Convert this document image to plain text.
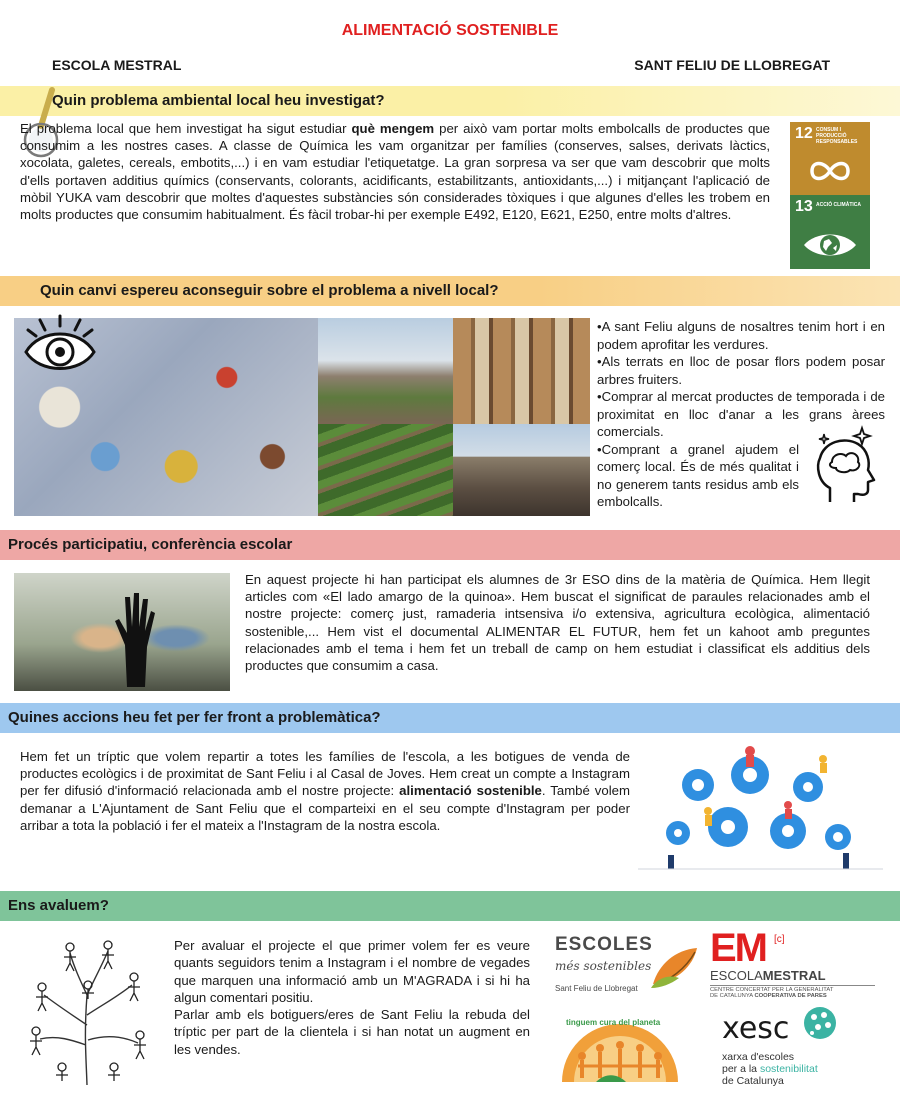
ALIMENTACIÓ SOSTENIBLE
ESCOLA MESTRAL	SANT FELIU DE LLOBREGAT
Quin problema ambiental local heu investigat?
El problema local que hem investigat ha sigut estudiar què mengem per això vam portar molts embolcalls de productes que consumim a les nostres cases. A classe de Química les vam organitzar per famílies (conserves, salses, derivats làctics, xocolata, galetes, cereals, embotits,...) i en vam estudiar l'etiquetatge. La gran sorpresa va ser que vam descobrir que molts d'ells portaven additius químics (conservants, colorants, acidificants, estabilitzants, antioxidants,...) i mitjançant l'aplicació de mòbil YUKA vam descobrir que moltes d'aquestes substàncies són considerades tòxiques i que algunes d'elles les trobem en molts productes que consumim habitualment. És fàcil trobar-hi per exemple E492, E120, E621, E250, entre molts d'altres.
12 CONSUM I PRODUCCIÓ RESPONSABLES
13 ACCIÓ CLIMÀTICA
Quin canvi espereu aconseguir sobre el problema a nivell local?
•A sant Feliu alguns de nosaltres tenim hort i en podem aprofitar les verdures.
•Als terrats en lloc de posar flors podem posar arbres fruiters.
•Comprar al mercat productes de temporada i de proximitat en lloc d'anar a les grans àrees comercials.
•Comprant a granel ajudem el comerç local. És de més qualitat i no generem tants residus amb els embolcalls.
Procés participatiu, conferència escolar
En aquest projecte hi han participat els alumnes de 3r ESO dins de la matèria de Química. Hem llegit articles com «El lado amargo de la quinoa». Hem buscat el significat de paraules relacionades amb el nostre projecte: comerç just, ramaderia intsensiva i/o extensiva, agricultura ecològica, alimentació sostenible,... Hem vist el documental ALIMENTAR EL FUTUR, hem fet un kahoot amb preguntes relacionades amb el tema i hem fet un treball de camp on hem estudiat i classificat els additius dels productes que consumim a casa.
Quines accions heu fet per fer front a problemàtica?
Hem fet un tríptic que volem repartir a totes les famílies de l'escola, a les botigues de venda de productes ecològics i de proximitat de Sant Feliu i al Casal de Joves. Hem creat un compte a Instagram per fer difusió d'informació relacionada amb el nostre projecte: alimentació sostenible. També volem demanar a L'Ajuntament de Sant Feliu que el comparteixi en el seu compte d'Instagram per poder arribar a tota la població i fer el mateix a l'Instagram de la nostra escola.
Ens avaluem?
Per avaluar el projecte el que primer volem fer es veure quants seguidors tenim a Instagram i el nombre de vegades que marquen una informació amb un M'AGRADA i si hi ha algun comentari positiu.
Parlar amb els botiguers/eres de Sant Feliu la rebuda del tríptic per part de la clientela i si han notat un augment en les vendes.
ESCOLES
més sostenibles
Sant Feliu de Llobregat
EM [c]
ESCOLAMESTRAL
CENTRE CONCERTAT PER LA GENERALITAT
DE CATALUNYA COOPERATIVA DE PARES
tinguem cura del planeta xesc
xarxa d'escoles
per a la sostenibilitat
de Catalunya
